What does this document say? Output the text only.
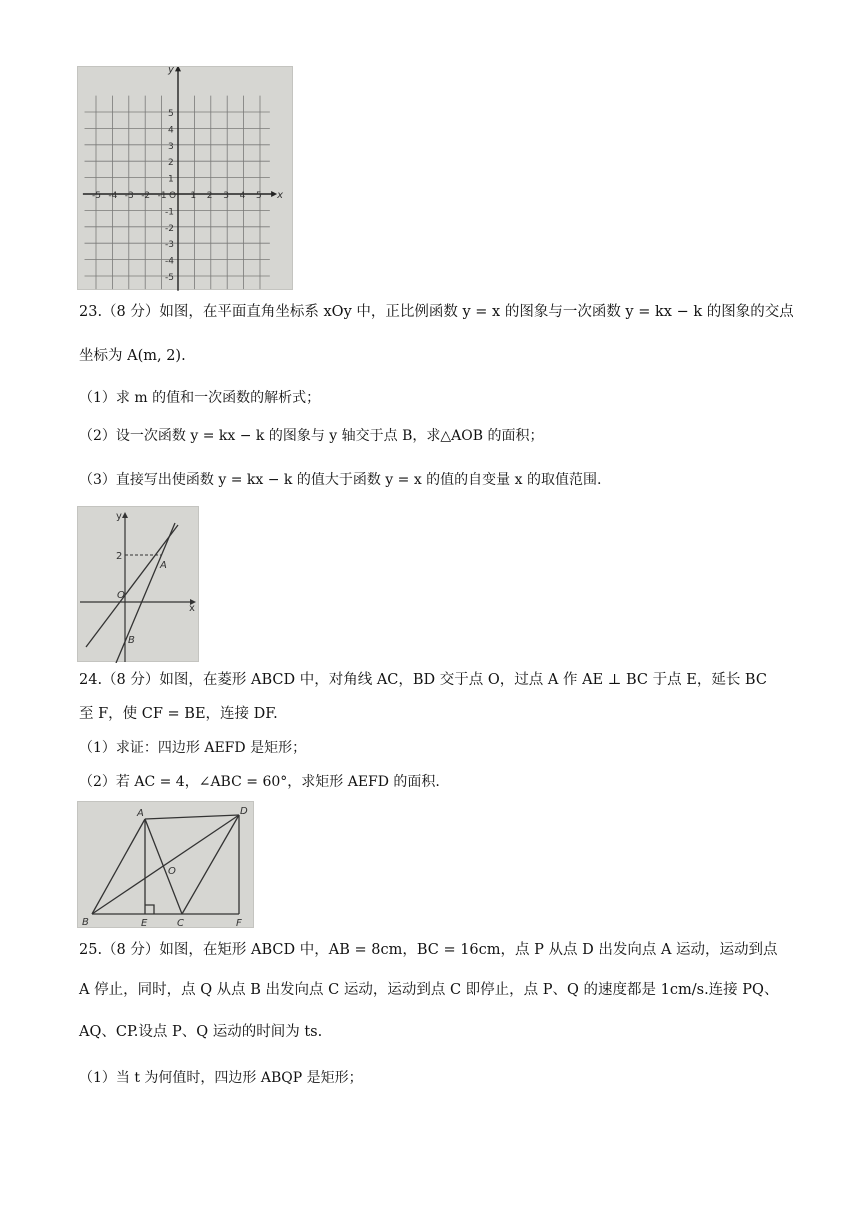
-5 -4 -3 -2 -1 O 1 2 3 4 5
5
4
3
2
1
-1
-2
-3
-4
-5
x
y
23.（8 分）如图，在平面直角坐标系 xOy 中，正比例函数 y = x 的图象与一次函数 y = kx − k 的图象的交点
坐标为 A(m, 2).
（1）求 m 的值和一次函数的解析式；
（2）设一次函数 y = kx − k 的图象与 y 轴交于点 B，求△AOB 的面积；
（3）直接写出使函数 y = kx − k 的值大于函数 y = x 的值的自变量 x 的取值范围.
y
x
2
A
O
B
24.（8 分）如图，在菱形 ABCD 中，对角线 AC，BD 交于点 O，过点 A 作 AE ⊥ BC 于点 E，延长 BC
至 F，使 CF = BE，连接 DF.
（1）求证：四边形 AEFD 是矩形；
（2）若 AC = 4，∠ABC = 60°，求矩形 AEFD 的面积.
A	D
O
B	E	C	F
25.（8 分）如图，在矩形 ABCD 中，AB = 8cm，BC = 16cm，点 P 从点 D 出发向点 A 运动，运动到点
A 停止，同时，点 Q 从点 B 出发向点 C 运动，运动到点 C 即停止，点 P、Q 的速度都是 1cm/s.连接 PQ、
AQ、CP.设点 P、Q 运动的时间为 ts.
（1）当 t 为何值时，四边形 ABQP 是矩形；
